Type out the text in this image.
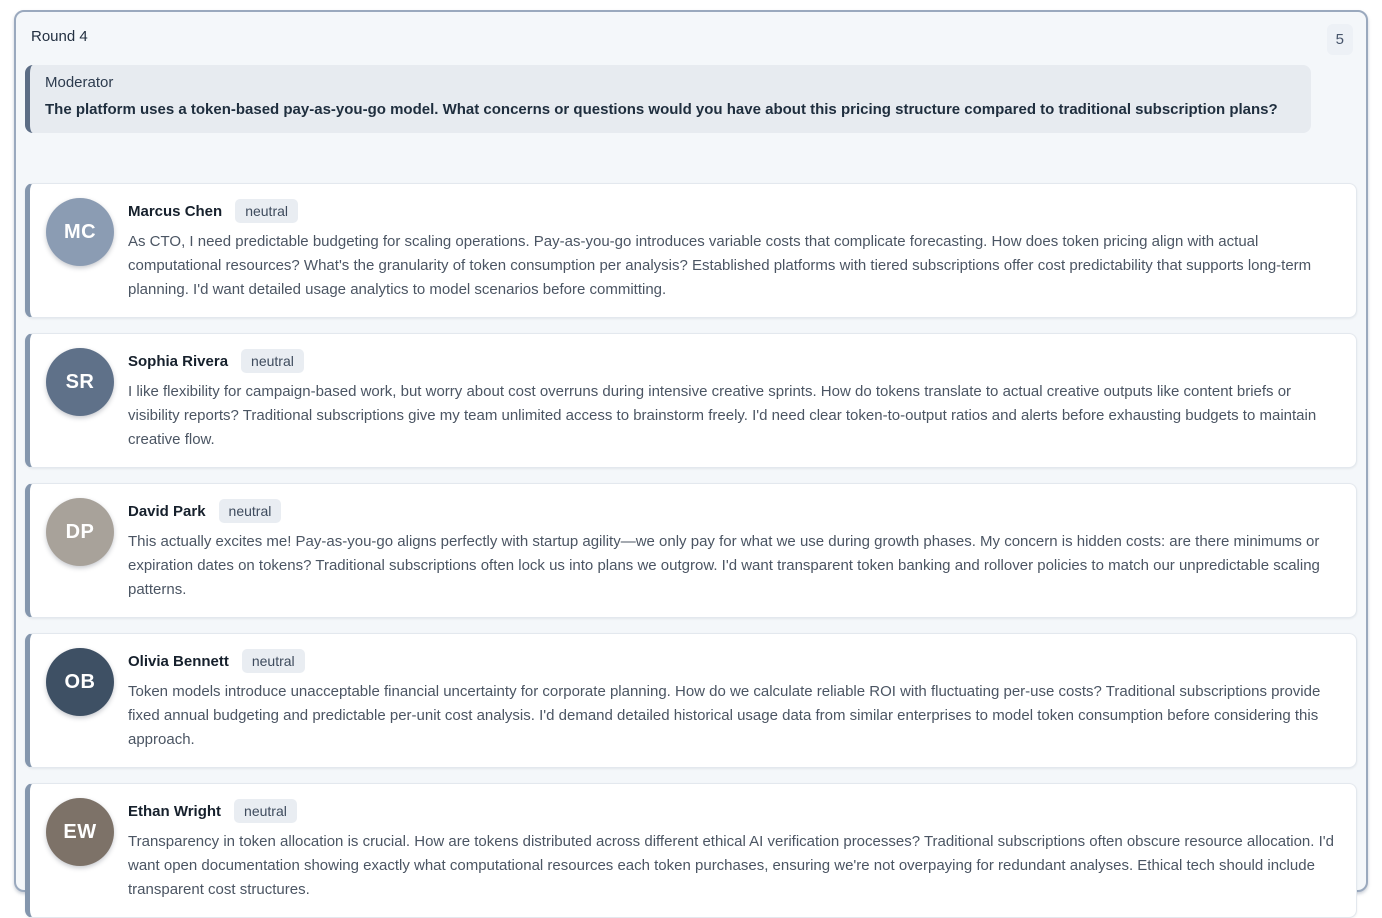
Round 4	5
Moderator
The platform uses a token-based pay-as-you-go model. What concerns or questions would you have about this pricing structure compared to traditional subscription plans?
MC
Marcus Chen	neutral
As CTO, I need predictable budgeting for scaling operations. Pay-as-you-go introduces variable costs that complicate forecasting. How does token pricing align with actual computational resources? What's the granularity of token consumption per analysis? Established platforms with tiered subscriptions offer cost predictability that supports long-term planning. I'd want detailed usage analytics to model scenarios before committing.
SR
Sophia Rivera	neutral
I like flexibility for campaign-based work, but worry about cost overruns during intensive creative sprints. How do tokens translate to actual creative outputs like content briefs or visibility reports? Traditional subscriptions give my team unlimited access to brainstorm freely. I'd need clear token-to-output ratios and alerts before exhausting budgets to maintain creative flow.
DP
David Park	neutral
This actually excites me! Pay-as-you-go aligns perfectly with startup agility—we only pay for what we use during growth phases. My concern is hidden costs: are there minimums or expiration dates on tokens? Traditional subscriptions often lock us into plans we outgrow. I'd want transparent token banking and rollover policies to match our unpredictable scaling patterns.
OB
Olivia Bennett	neutral
Token models introduce unacceptable financial uncertainty for corporate planning. How do we calculate reliable ROI with fluctuating per-use costs? Traditional subscriptions provide fixed annual budgeting and predictable per-unit cost analysis. I'd demand detailed historical usage data from similar enterprises to model token consumption before considering this approach.
EW
Ethan Wright	neutral
Transparency in token allocation is crucial. How are tokens distributed across different ethical AI verification processes? Traditional subscriptions often obscure resource allocation. I'd want open documentation showing exactly what computational resources each token purchases, ensuring we're not overpaying for redundant analyses. Ethical tech should include transparent cost structures.
